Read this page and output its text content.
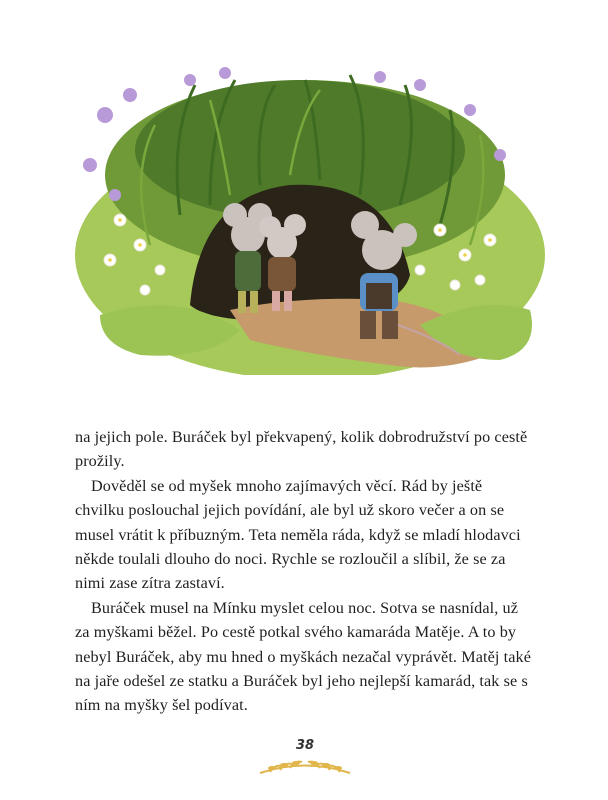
na jejich pole. Buráček byl překvapený, kolik dobrodružství po cestě prožily.

Dověděl se od myšek mnoho zajímavých věcí. Rád by ještě chvilku poslouchal jejich povídání, ale byl už skoro večer a on se musel vrátit k příbuzným. Teta neměla ráda, když se mladí hlodavci někde toulali dlouho do noci. Rychle se rozloučil a slíbil, že se za nimi zase zítra zastaví.

Buráček musel na Mínku myslet celou noc. Sotva se nasnídal, už za myškami běžel. Po cestě potkal svého kamaráda Matěje. A to by nebyl Buráček, aby mu hned o myškách nezačal vyprávět. Matěj také na jaře odešel ze statku a Buráček byl jeho nejlepší kamarád, tak se s ním na myšky šel podívat.

38
